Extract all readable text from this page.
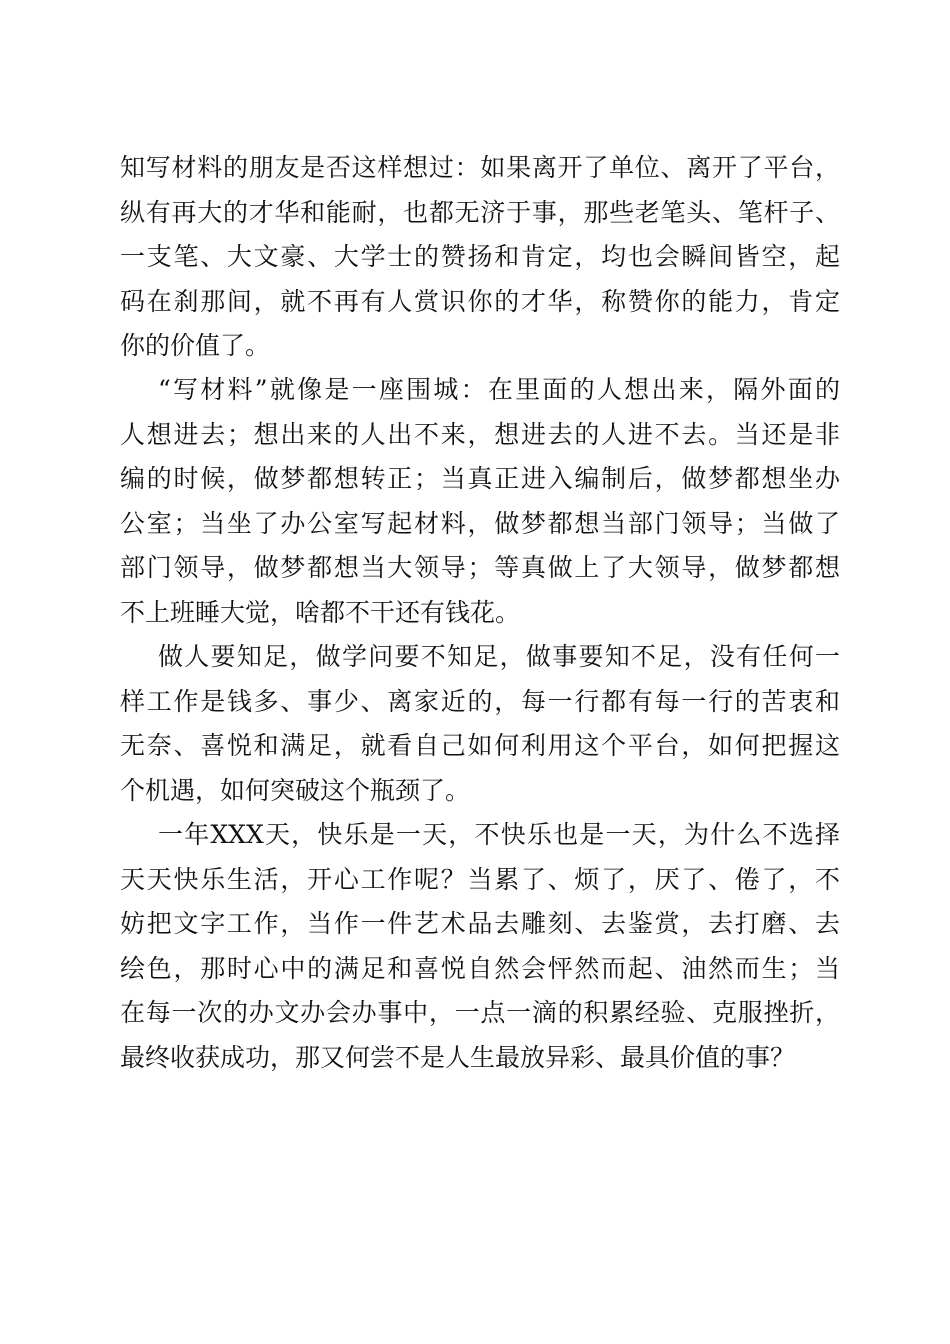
知写材料的朋友是否这样想过：如果离开了单位、离开了平台，
纵有再大的才华和能耐，也都无济于事，那些老笔头、笔杆子、
一支笔、大文豪、大学士的赞扬和肯定，均也会瞬间皆空，起
码在刹那间，就不再有人赏识你的才华，称赞你的能力，肯定
你的价值了。
“写材料”就像是一座围城：在里面的人想出来，隔外面的
人想进去；想出来的人出不来，想进去的人进不去。当还是非
编的时候，做梦都想转正；当真正进入编制后，做梦都想坐办
公室；当坐了办公室写起材料，做梦都想当部门领导；当做了
部门领导，做梦都想当大领导；等真做上了大领导，做梦都想
不上班睡大觉，啥都不干还有钱花。
做人要知足，做学问要不知足，做事要知不足，没有任何一
样工作是钱多、事少、离家近的，每一行都有每一行的苦衷和
无奈、喜悦和满足，就看自己如何利用这个平台，如何把握这
个机遇，如何突破这个瓶颈了。
一年XXX天，快乐是一天，不快乐也是一天，为什么不选择
天天快乐生活，开心工作呢？当累了、烦了，厌了、倦了，不
妨把文字工作，当作一件艺术品去雕刻、去鉴赏，去打磨、去
绘色，那时心中的满足和喜悦自然会怦然而起、油然而生；当
在每一次的办文办会办事中，一点一滴的积累经验、克服挫折，
最终收获成功，那又何尝不是人生最放异彩、最具价值的事？
